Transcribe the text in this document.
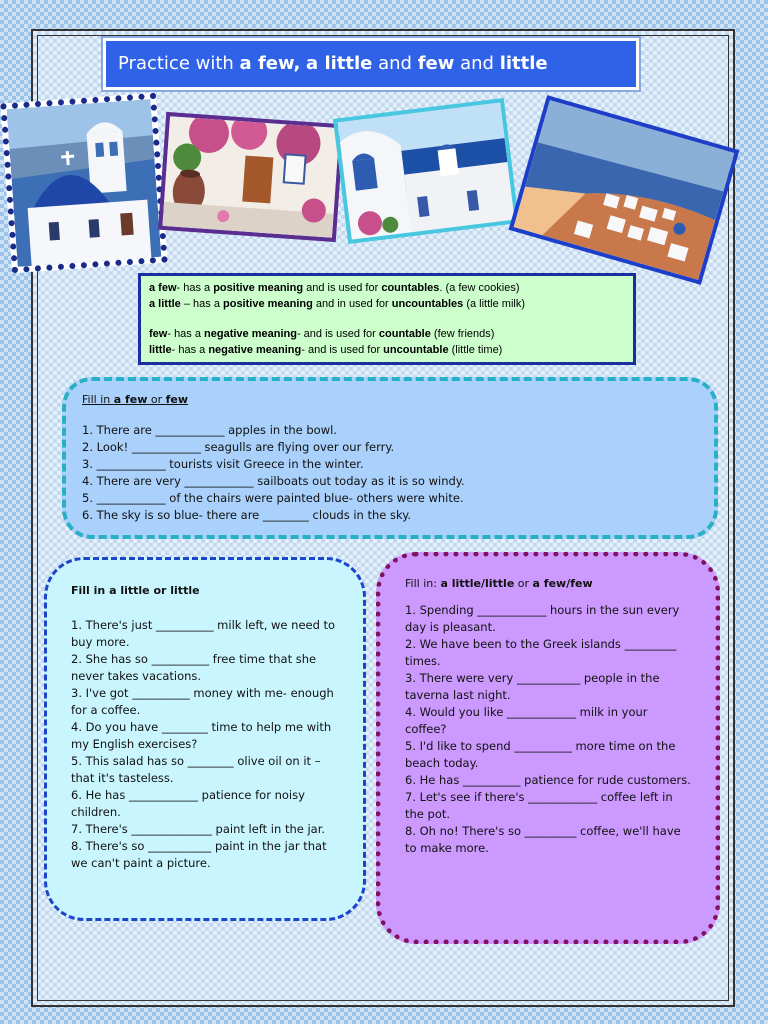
Practice with a few, a little and few and little

a few- has a positive meaning and is used for countables. (a few cookies)

a little – has a positive meaning and in used for uncountables (a little milk)

few- has a negative meaning- and is used for countable (few friends)

little- has a negative meaning- and is used for uncountable (little time)

Fill in a few or few

1. There are ____________ apples in the bowl.
2. Look! ____________ seagulls are flying over our ferry.
3. ____________ tourists visit Greece in the winter.
4. There are very ____________ sailboats out today as it is so windy.
5. ____________ of the chairs were painted blue- others were white.
6. The sky is so blue- there are ________ clouds in the sky.

Fill in a little or little

1. There's just __________ milk left, we need to buy more.
2. She has so __________ free time that she never takes vacations.
3. I've got __________ money with me- enough for a coffee.
4. Do you have ________ time to help me with my English exercises?
5. This salad has so ________ olive oil on it – that it's tasteless.
6. He has ____________ patience for noisy children.
7. There's ______________ paint left in the jar.
8. There's so ___________ paint in the jar that we can't paint a picture.

Fill in: a little/little or a few/few

1. Spending ____________ hours in the sun every day is pleasant.
2. We have been to the Greek islands _________ times.
3. There were very ___________ people in the taverna last night.
4. Would you like ____________ milk in your coffee?
5. I'd like to spend __________ more time on the beach today.
6. He has __________ patience for rude customers.
7. Let's see if there's ____________ coffee left in the pot.
8. Oh no! There's so _________ coffee, we'll have to make more.
